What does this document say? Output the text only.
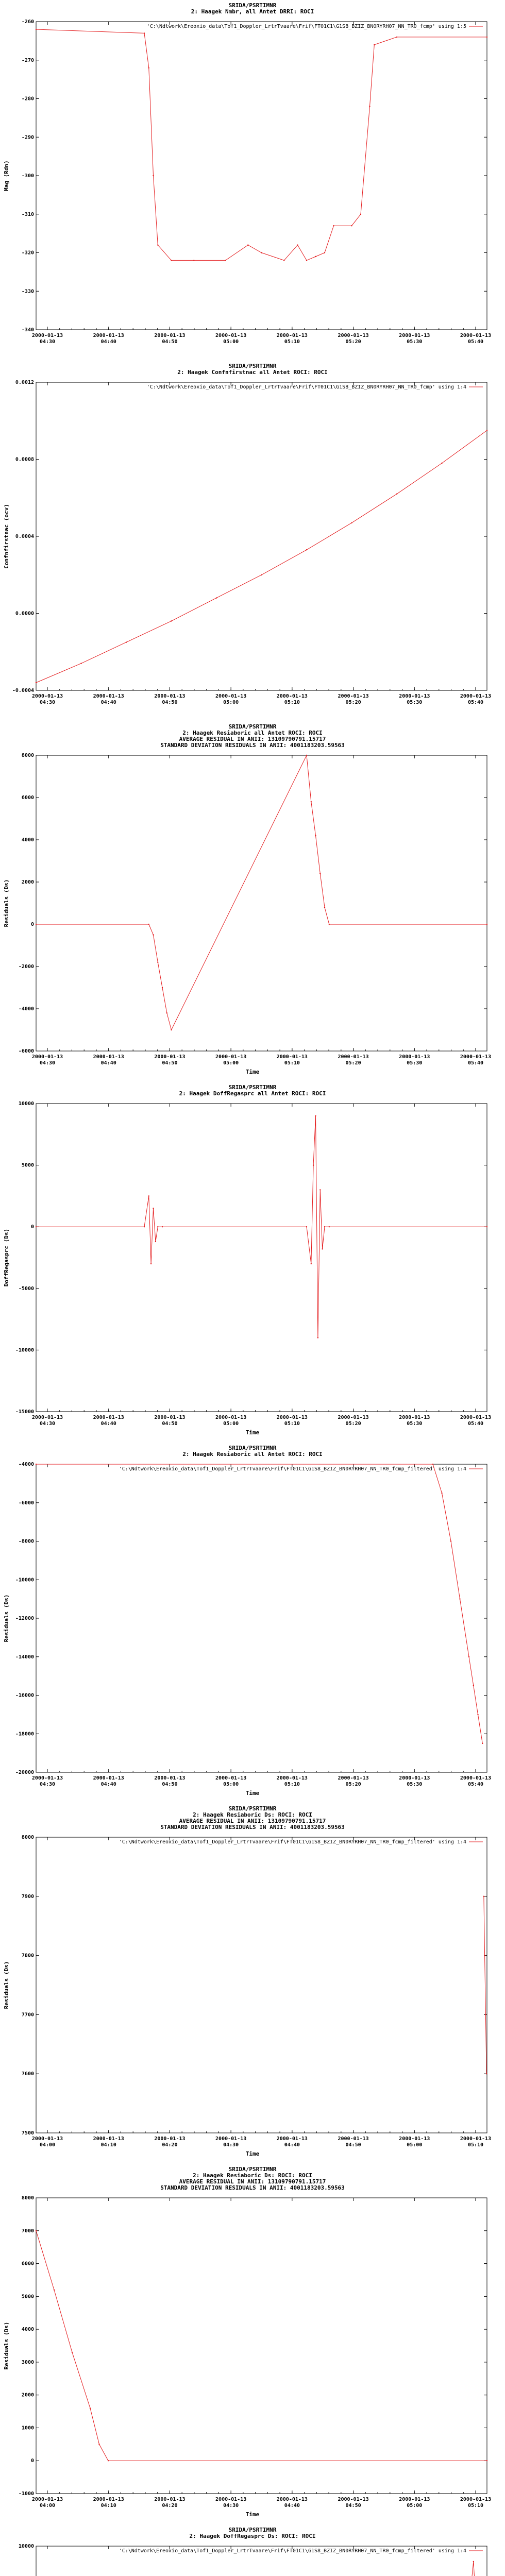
SRIDA/PSRTIMNR
2: Haagek Nmbr, all Antet DRRI: ROCI
'C:\Ndtwork\Ereoxio_data\Tof1_Doppler_LrtrTvaare\Frif\FT01C1\G1S8_BZIZ_BN0RYRH07_NN_TR0_fcmp' using 1:5
-260
-270
-280
-290
-300
-310
-320
-330
-340
2000-01-13
04:30
2000-01-13
04:40
2000-01-13
04:50
2000-01-13
05:00
2000-01-13
05:10
2000-01-13
05:20
2000-01-13
05:30
2000-01-13
05:40
Mag (Rdn)
SRIDA/PSRTIMNR
2: Haagek Confnfirstnac all Antet ROCI: ROCI
'C:\Ndtwork\Ereoxio_data\Tof1_Doppler_LrtrTvaare\Frif\FT01C1\G1S8_BZIZ_BN0RYRH07_NN_TR0_fcmp' using 1:4
0.0012
0.0008
0.0004
0.0000
-0.0004
2000-01-13
04:30
2000-01-13
04:40
2000-01-13
04:50
2000-01-13
05:00
2000-01-13
05:10
2000-01-13
05:20
2000-01-13
05:30
2000-01-13
05:40
Confnfirstnac (ocv)
SRIDA/PSRTIMNR
2: Haagek Resiaboric all Antet ROCI: ROCI
AVERAGE RESIDUAL IN ANII: 13109790791.15717
STANDARD DEVIATION RESIDUALS IN ANII: 4001183203.59563
8000
6000
4000
2000
0
-2000
-4000
-6000
2000-01-13
04:30
2000-01-13
04:40
2000-01-13
04:50
2000-01-13
05:00
2000-01-13
05:10
2000-01-13
05:20
2000-01-13
05:30
2000-01-13
05:40
Time
Residuals (Ds)
SRIDA/PSRTIMNR
2: Haagek DoffRegasprc all Antet ROCI: ROCI
10000
5000
0
-5000
-10000
-15000
2000-01-13
04:30
2000-01-13
04:40
2000-01-13
04:50
2000-01-13
05:00
2000-01-13
05:10
2000-01-13
05:20
2000-01-13
05:30
2000-01-13
05:40
Time
DoffRegasprc (Ds)
SRIDA/PSRTIMNR
2: Haagek Resiaboric all Antet ROCI: ROCI
'C:\Ndtwork\Ereoxio_data\Tof1_Doppler_LrtrTvaare\Frif\FT01C1\G1S8_BZIZ_BN0RYRH07_NN_TR0_fcmp_filtered' using 1:4
-4000
-6000
-8000
-10000
-12000
-14000
-16000
-18000
-20000
2000-01-13
04:30
2000-01-13
04:40
2000-01-13
04:50
2000-01-13
05:00
2000-01-13
05:10
2000-01-13
05:20
2000-01-13
05:30
2000-01-13
05:40
Time
Residuals (Ds)
SRIDA/PSRTIMNR
2: Haagek Resiaboric Ds: ROCI: ROCI
AVERAGE RESIDUAL IN ANII: 13109790791.15717
STANDARD DEVIATION RESIDUALS IN ANII: 4001183203.59563
'C:\Ndtwork\Ereoxio_data\Tof1_Doppler_LrtrTvaare\Frif\FT01C1\G1S8_BZIZ_BN0RYRH07_NN_TR0_fcmp_filtered' using 1:4
8000
7900
7800
7700
7600
7500
2000-01-13
04:00
2000-01-13
04:10
2000-01-13
04:20
2000-01-13
04:30
2000-01-13
04:40
2000-01-13
04:50
2000-01-13
05:00
2000-01-13
05:10
Time
Residuals (Ds)
SRIDA/PSRTIMNR
2: Haagek Resiaboric Ds: ROCI: ROCI
AVERAGE RESIDUAL IN ANII: 13109790791.15717
STANDARD DEVIATION RESIDUALS IN ANII: 4001183203.59563
8000
7000
6000
5000
4000
3000
2000
1000
0
-1000
2000-01-13
04:00
2000-01-13
04:10
2000-01-13
04:20
2000-01-13
04:30
2000-01-13
04:40
2000-01-13
04:50
2000-01-13
05:00
2000-01-13
05:10
Time
Residuals (Ds)
SRIDA/PSRTIMNR
2: Haagek DoffRegasprc Ds: ROCI: ROCI
'C:\Ndtwork\Ereoxio_data\Tof1_Doppler_LrtrTvaare\Frif\FT01C1\G1S8_BZIZ_BN0RYRH07_NN_TR0_fcmp_filtered' using 1:4
10000
